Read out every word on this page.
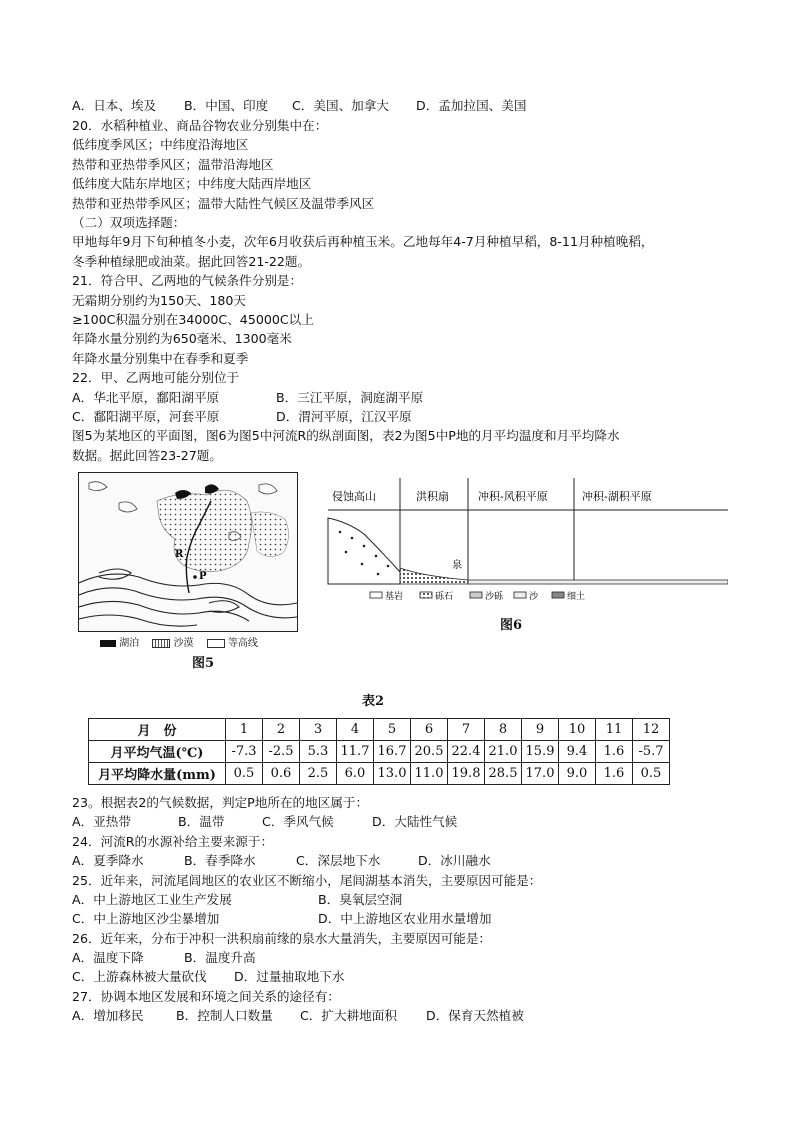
A．日本、埃及 B．中国、印度 C．美国、加拿大 D．孟加拉国、美国
20．水稻种植业、商品谷物农业分别集中在：
低纬度季风区；中纬度沿海地区
热带和亚热带季风区；温带沿海地区
低纬度大陆东岸地区；中纬度大陆西岸地区
热带和亚热带季风区；温带大陆性气候区及温带季风区
（二）双项选择题：
甲地每年9月下旬种植冬小麦，次年6月收获后再种植玉米。乙地每年4-7月种植早稻，8-11月种植晚稻，
冬季种植绿肥或油菜。据此回答21-22题。
21．符合甲、乙两地的气候条件分别是：
无霜期分别约为150天、180天
≥100C积温分别在34000C、45000C以上
年降水量分别约为650毫米、1300毫米
年降水量分别集中在春季和夏季
22．甲、乙两地可能分别位于
A．华北平原，鄱阳湖平原	B．三江平原，洞庭湖平原
C．鄱阳湖平原，河套平原	D．渭河平原，江汉平原
图5为某地区的平面图，图6为图5中河流R的纵剖面图，表2为图5中P地的月平均温度和月平均降水
数据。据此回答23-27题。
R
P
湖泊	沙漠	等高线
图5
泉
侵蚀高山	洪积扇	冲积-风积平原	冲积-湖积平原
基岩	砾石	沙砾	沙	细土
图6
表2
月　份	1	2	3	4	5	6	7	8	9	10	11	12
月平均气温(℃)	-7.3	-2.5	5.3	11.7	16.7	20.5	22.4	21.0	15.9	9.4	1.6	-5.7
月平均降水量(mm)	0.5	0.6	2.5	6.0	13.0	11.0	19.8	28.5	17.0	9.0	1.6	0.5
23。根据表2的气候数据，判定P地所在的地区属于：
A．亚热带	B．温带	C．季风气候	D．大陆性气候
24．河流R的水源补给主要来源于：
A．夏季降水	B．春季降水	C．深层地下水	D．冰川融水
25．近年来，河流尾闾地区的农业区不断缩小，尾闾湖基本消失，主要原因可能是：
A．中上游地区工业生产发展	B．臭氧层空洞
C．中上游地区沙尘暴增加	D．中上游地区农业用水量增加
26．近年来，分布于冲积一洪积扇前缘的泉水大量消失，主要原因可能是：
A．温度下降	B．温度升高
C．上游森林被大量砍伐 D．过量抽取地下水
27．协调本地区发展和环境之间关系的途径有：
A．增加移民	B．控制人口数量 C．扩大耕地面积 D．保育天然植被
